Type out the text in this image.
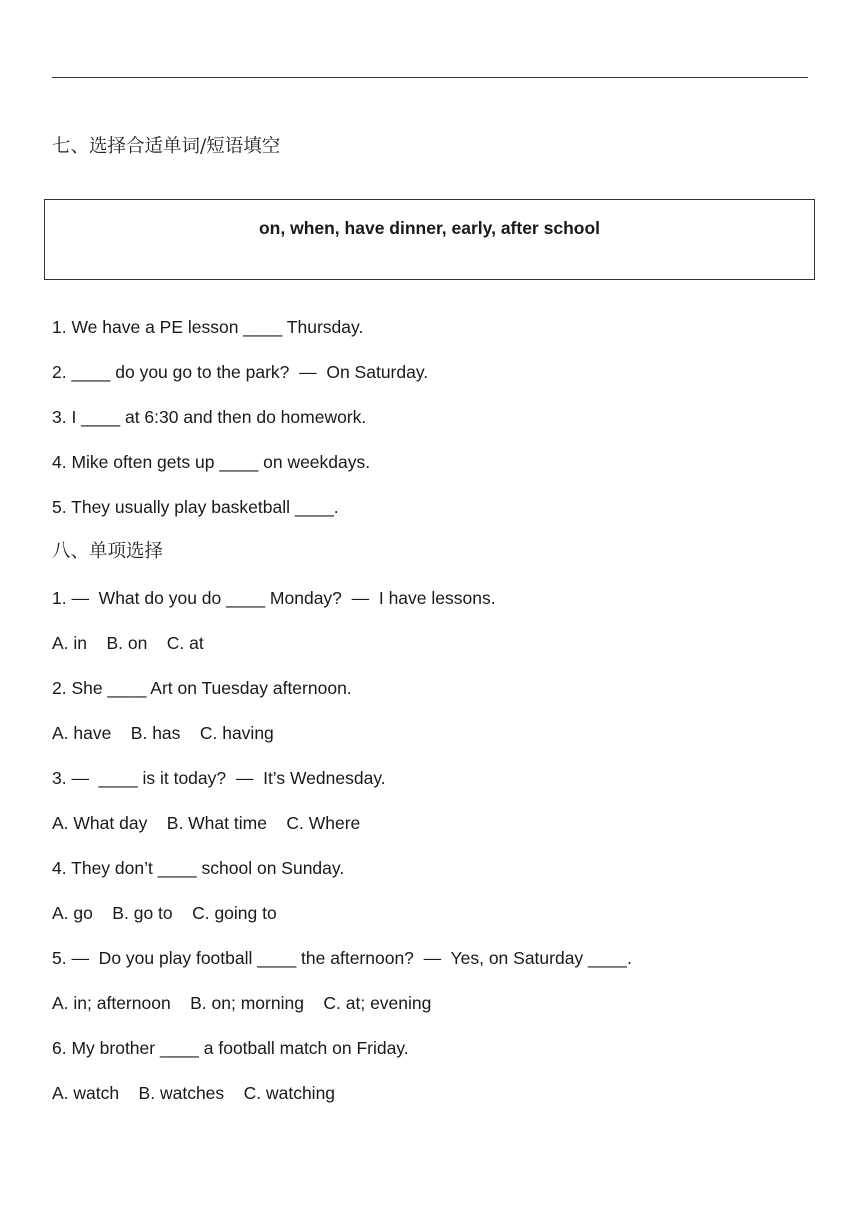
七、选择合适单词/短语填空
on, when, have dinner, early, after school
1. We have a PE lesson ____ Thursday.
2. ____ do you go to the park?  —  On Saturday.
3. I ____ at 6:30 and then do homework.
4. Mike often gets up ____ on weekdays.
5. They usually play basketball ____.
八、单项选择
1. —  What do you do ____ Monday?  —  I have lessons.
A. in    B. on    C. at
2. She ____ Art on Tuesday afternoon.
A. have    B. has    C. having
3. —  ____ is it today?  —  It’s Wednesday.
A. What day    B. What time    C. Where
4. They don’t ____ school on Sunday.
A. go    B. go to    C. going to
5. —  Do you play football ____ the afternoon?  —  Yes, on Saturday ____.
A. in; afternoon    B. on; morning    C. at; evening
6. My brother ____ a football match on Friday.
A. watch    B. watches    C. watching
